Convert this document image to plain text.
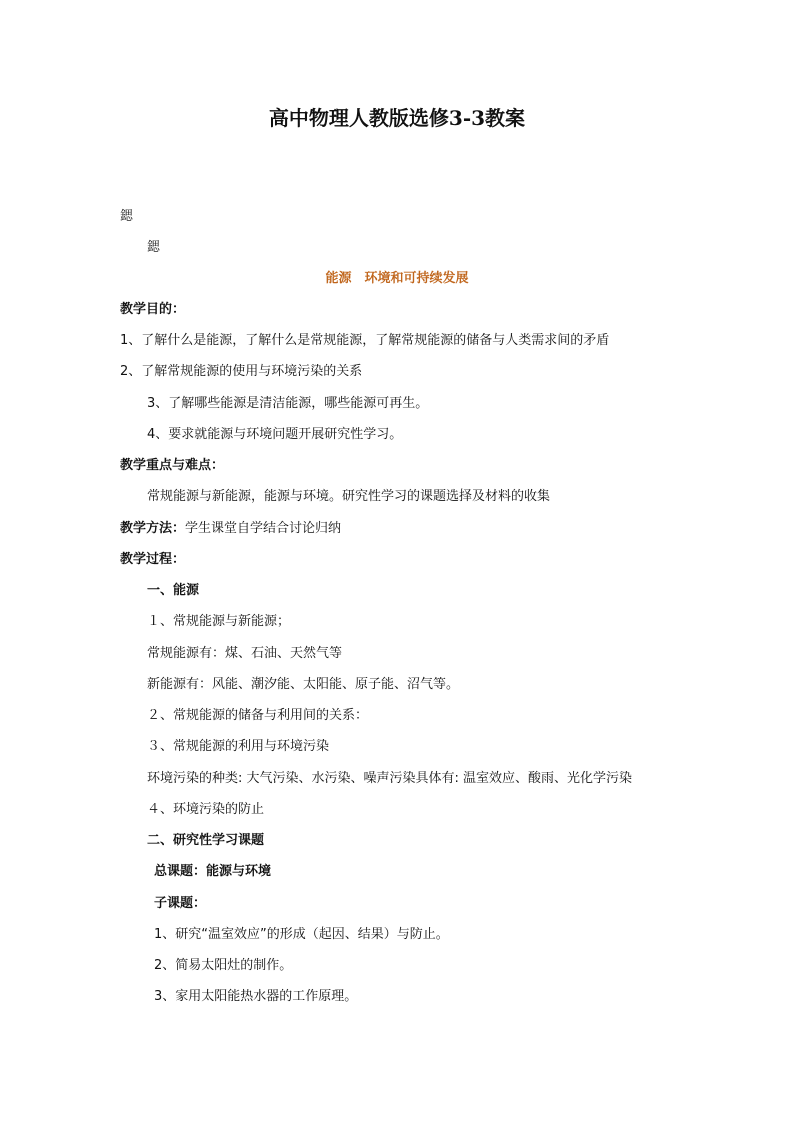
高中物理人教版选修3-3教案
鍶
鍶
能源　环境和可持续发展
教学目的：
1、了解什么是能源，了解什么是常规能源，了解常规能源的储备与人类需求间的矛盾
2、了解常规能源的使用与环境污染的关系
3、了解哪些能源是清洁能源，哪些能源可再生。
4、要求就能源与环境问题开展研究性学习。
教学重点与难点：
常规能源与新能源，能源与环境。研究性学习的课题选择及材料的收集
教学方法：学生课堂自学结合讨论归纳
教学过程：
一、能源
１、常规能源与新能源；
常规能源有：煤、石油、天然气等
新能源有：风能、潮汐能、太阳能、原子能、沼气等。
２、常规能源的储备与利用间的关系：
３、常规能源的利用与环境污染
环境污染的种类: 大气污染、水污染、噪声污染具体有: 温室效应、酸雨、光化学污染
４、环境污染的防止
二、研究性学习课题
总课题：能源与环境
子课题：
1、研究“温室效应”的形成（起因、结果）与防止。
2、简易太阳灶的制作。
3、家用太阳能热水器的工作原理。
